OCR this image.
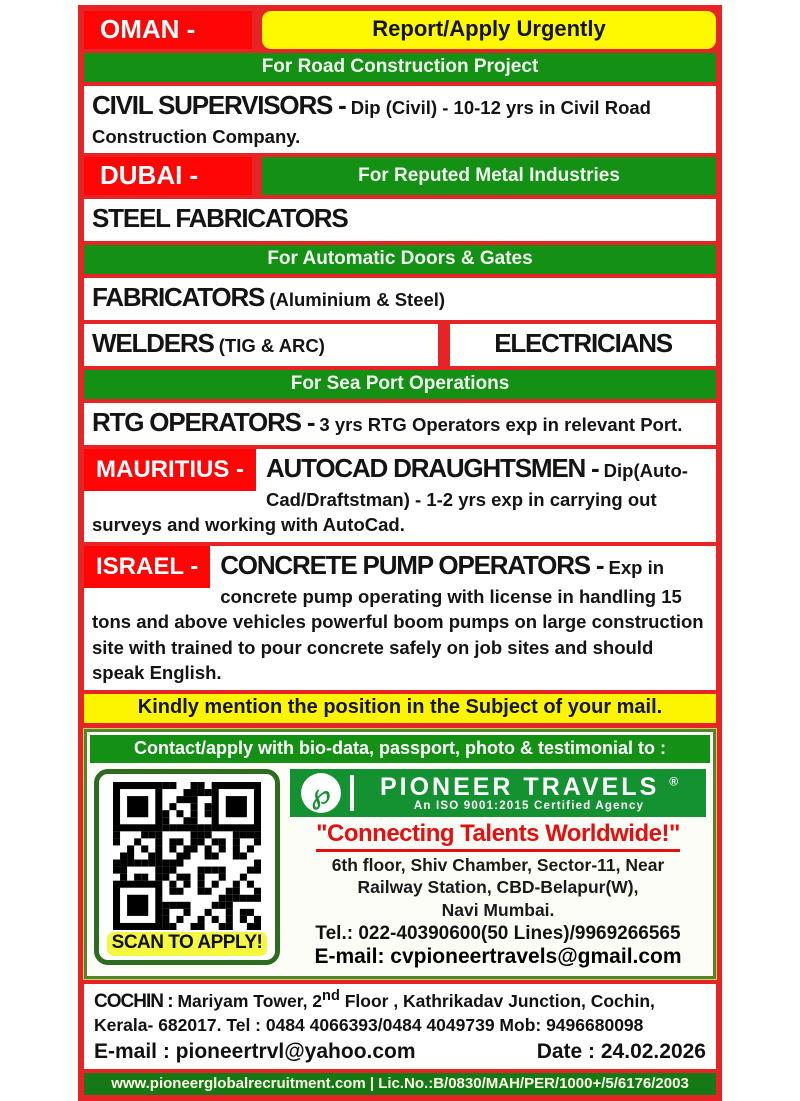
OMAN -	Report/Apply Urgently
For Road Construction Project
CIVIL SUPERVISORS - Dip (Civil) - 10-12 yrs in Civil Road Construction Company.
DUBAI -	For Reputed Metal Industries
STEEL FABRICATORS
For Automatic Doors & Gates
FABRICATORS (Aluminium & Steel)
WELDERS (TIG & ARC)	ELECTRICIANS
For Sea Port Operations
RTG OPERATORS - 3 yrs RTG Operators exp in relevant Port.
MAURITIUS - AUTOCAD DRAUGHTSMEN - Dip(Auto-Cad/Draftstman) - 1-2 yrs exp in carrying out surveys and working with AutoCad.
ISRAEL - CONCRETE PUMP OPERATORS - Exp in concrete pump operating with license in handling 15 tons and above vehicles powerful boom pumps on large construction site with trained to pour concrete safely on job sites and should speak English.
Kindly mention the position in the Subject of your mail.
Contact/apply with bio-data, passport, photo & testimonial to :
SCAN TO APPLY!
℘	PIONEER TRAVELS ®
An ISO 9001:2015 Certified Agency
"Connecting Talents Worldwide!"
6th floor, Shiv Chamber, Sector-11, Near
Railway Station, CBD-Belapur(W),
Navi Mumbai.
Tel.: 022-40390600(50 Lines)/9969266565
E-mail: cvpioneertravels@gmail.com
COCHIN : Mariyam Tower, 2nd Floor , Kathrikadav Junction, Cochin, Kerala- 682017. Tel : 0484 4066393/0484 4049739 Mob: 9496680098
E-mail : pioneertrvl@yahoo.com	Date : 24.02.2026
www.pioneerglobalrecruitment.com | Lic.No.:B/0830/MAH/PER/1000+/5/6176/2003
